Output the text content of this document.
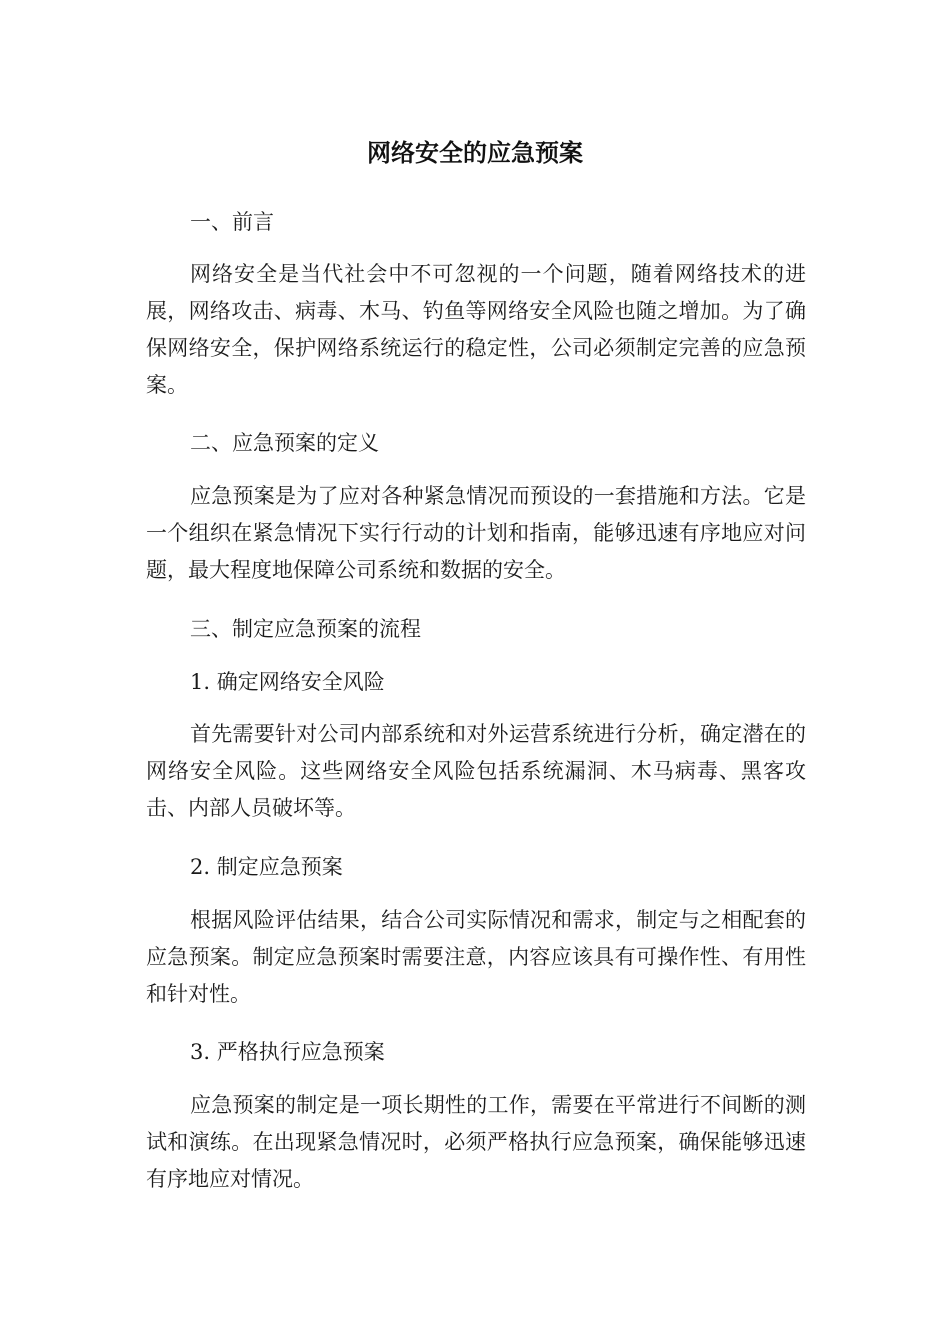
网络安全的应急预案
一、前言
网络安全是当代社会中不可忽视的一个问题，随着网络技术的进展，网络攻击、病毒、木马、钓鱼等网络安全风险也随之增加。为了确保网络安全，保护网络系统运行的稳定性，公司必须制定完善的应急预案。
二、应急预案的定义
应急预案是为了应对各种紧急情况而预设的一套措施和方法。它是一个组织在紧急情况下实行行动的计划和指南，能够迅速有序地应对问题，最大程度地保障公司系统和数据的安全。
三、制定应急预案的流程
1. 确定网络安全风险
首先需要针对公司内部系统和对外运营系统进行分析，确定潜在的网络安全风险。这些网络安全风险包括系统漏洞、木马病毒、黑客攻击、内部人员破坏等。
2. 制定应急预案
根据风险评估结果，结合公司实际情况和需求，制定与之相配套的应急预案。制定应急预案时需要注意，内容应该具有可操作性、有用性和针对性。
3. 严格执行应急预案
应急预案的制定是一项长期性的工作，需要在平常进行不间断的测试和演练。在出现紧急情况时，必须严格执行应急预案，确保能够迅速有序地应对情况。
